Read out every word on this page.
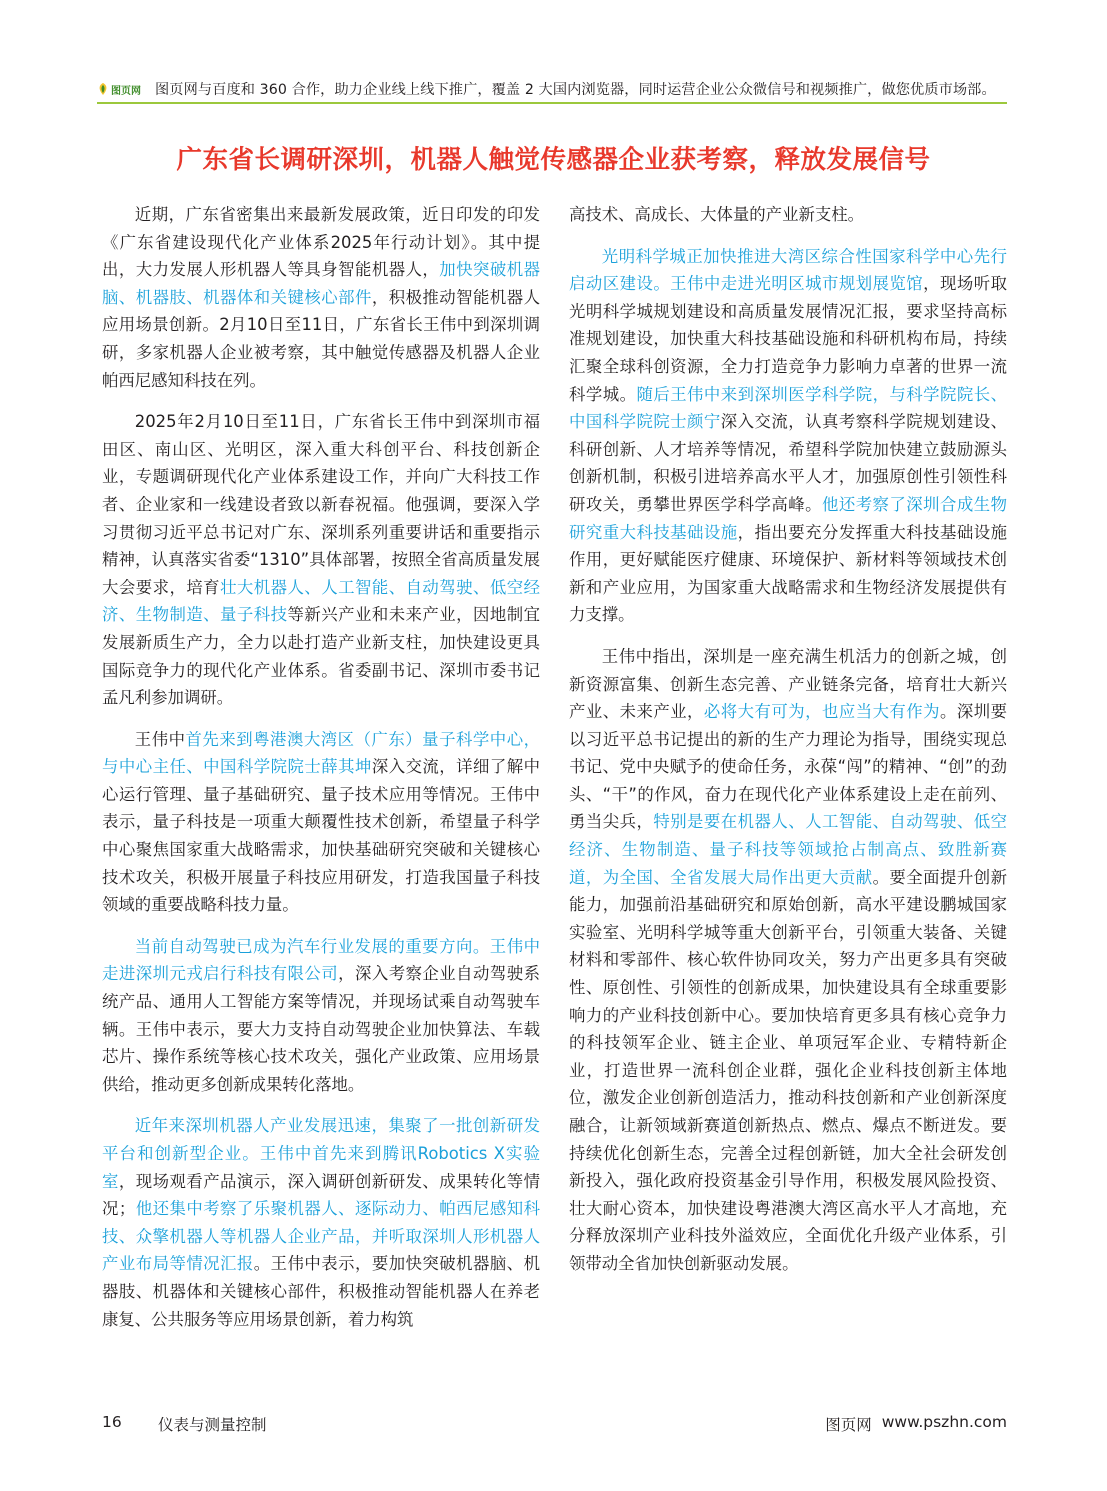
图页网 图页网与百度和 360 合作，助力企业线上线下推广，覆盖 2 大国内浏览器，同时运营企业公众微信号和视频推广，做您优质市场部。
广东省长调研深圳，机器人触觉传感器企业获考察，释放发展信号

近期，广东省密集出来最新发展政策，近日印发的印发《广东省建设现代化产业体系2025年行动计划》。其中提出，大力发展人形机器人等具身智能机器人，加快突破机器脑、机器肢、机器体和关键核心部件，积极推动智能机器人应用场景创新。2月10日至11日，广东省长王伟中到深圳调研，多家机器人企业被考察，其中触觉传感器及机器人企业帕西尼感知科技在列。

2025年2月10日至11日，广东省长王伟中到深圳市福田区、南山区、光明区，深入重大科创平台、科技创新企业，专题调研现代化产业体系建设工作，并向广大科技工作者、企业家和一线建设者致以新春祝福。他强调，要深入学习贯彻习近平总书记对广东、深圳系列重要讲话和重要指示精神，认真落实省委“1310”具体部署，按照全省高质量发展大会要求，培育壮大机器人、人工智能、自动驾驶、低空经济、生物制造、量子科技等新兴产业和未来产业，因地制宜发展新质生产力，全力以赴打造产业新支柱，加快建设更具国际竞争力的现代化产业体系。省委副书记、深圳市委书记孟凡利参加调研。

王伟中首先来到粤港澳大湾区（广东）量子科学中心，与中心主任、中国科学院院士薛其坤深入交流，详细了解中心运行管理、量子基础研究、量子技术应用等情况。王伟中表示，量子科技是一项重大颠覆性技术创新，希望量子科学中心聚焦国家重大战略需求，加快基础研究突破和关键核心技术攻关，积极开展量子科技应用研发，打造我国量子科技领域的重要战略科技力量。

当前自动驾驶已成为汽车行业发展的重要方向。王伟中走进深圳元戎启行科技有限公司，深入考察企业自动驾驶系统产品、通用人工智能方案等情况，并现场试乘自动驾驶车辆。王伟中表示，要大力支持自动驾驶企业加快算法、车载芯片、操作系统等核心技术攻关，强化产业政策、应用场景供给，推动更多创新成果转化落地。

近年来深圳机器人产业发展迅速，集聚了一批创新研发平台和创新型企业。王伟中首先来到腾讯Robotics X实验室，现场观看产品演示，深入调研创新研发、成果转化等情况；他还集中考察了乐聚机器人、逐际动力、帕西尼感知科技、众擎机器人等机器人企业产品，并听取深圳人形机器人产业布局等情况汇报。王伟中表示，要加快突破机器脑、机器肢、机器体和关键核心部件，积极推动智能机器人在养老康复、公共服务等应用场景创新，着力构筑

高技术、高成长、大体量的产业新支柱。

光明科学城正加快推进大湾区综合性国家科学中心先行启动区建设。王伟中走进光明区城市规划展览馆，现场听取光明科学城规划建设和高质量发展情况汇报，要求坚持高标准规划建设，加快重大科技基础设施和科研机构布局，持续汇聚全球科创资源，全力打造竞争力影响力卓著的世界一流科学城。随后王伟中来到深圳医学科学院，与科学院院长、中国科学院院士颜宁深入交流，认真考察科学院规划建设、科研创新、人才培养等情况，希望科学院加快建立鼓励源头创新机制，积极引进培养高水平人才，加强原创性引领性科研攻关，勇攀世界医学科学高峰。他还考察了深圳合成生物研究重大科技基础设施，指出要充分发挥重大科技基础设施作用，更好赋能医疗健康、环境保护、新材料等领域技术创新和产业应用，为国家重大战略需求和生物经济发展提供有力支撑。

王伟中指出，深圳是一座充满生机活力的创新之城，创新资源富集、创新生态完善、产业链条完备，培育壮大新兴产业、未来产业，必将大有可为，也应当大有作为。深圳要以习近平总书记提出的新的生产力理论为指导，围绕实现总书记、党中央赋予的使命任务，永葆“闯”的精神、“创”的劲头、“干”的作风，奋力在现代化产业体系建设上走在前列、勇当尖兵，特别是要在机器人、人工智能、自动驾驶、低空经济、生物制造、量子科技等领域抢占制高点、致胜新赛道，为全国、全省发展大局作出更大贡献。要全面提升创新能力，加强前沿基础研究和原始创新，高水平建设鹏城国家实验室、光明科学城等重大创新平台，引领重大装备、关键材料和零部件、核心软件协同攻关，努力产出更多具有突破性、原创性、引领性的创新成果，加快建设具有全球重要影响力的产业科技创新中心。要加快培育更多具有核心竞争力的科技领军企业、链主企业、单项冠军企业、专精特新企业，打造世界一流科创企业群，强化企业科技创新主体地位，激发企业创新创造活力，推动科技创新和产业创新深度融合，让新领域新赛道创新热点、燃点、爆点不断迸发。要持续优化创新生态，完善全过程创新链，加大全社会研发创新投入，强化政府投资基金引导作用，积极发展风险投资、壮大耐心资本，加快建设粤港澳大湾区高水平人才高地，充分释放深圳产业科技外溢效应，全面优化升级产业体系，引领带动全省加快创新驱动发展。

16 仪表与测量控制	图页网 www.pszhn.com
